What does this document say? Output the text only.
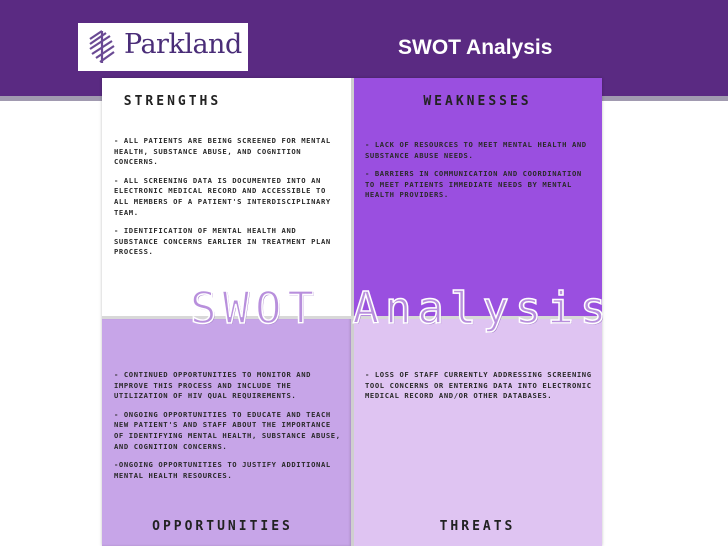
Parkland	SWOT Analysis
STRENGTHS
- ALL PATIENTS ARE BEING SCREENED FOR MENTAL HEALTH, SUBSTANCE ABUSE, AND COGNITION CONCERNS.
- ALL SCREENING DATA IS DOCUMENTED INTO AN ELECTRONIC MEDICAL RECORD AND ACCESSIBLE TO ALL MEMBERS OF A PATIENT'S INTERDISCIPLINARY TEAM.
- IDENTIFICATION OF MENTAL HEALTH AND SUBSTANCE CONCERNS EARLIER IN TREATMENT PLAN PROCESS.
WEAKNESSES
- LACK OF RESOURCES TO MEET MENTAL HEALTH AND SUBSTANCE ABUSE NEEDS.
- BARRIERS IN COMMUNICATION AND COORDINATION TO MEET PATIENTS IMMEDIATE NEEDS BY MENTAL HEALTH PROVIDERS.
- CONTINUED OPPORTUNITIES TO MONITOR AND IMPROVE THIS PROCESS AND INCLUDE THE UTILIZATION OF HIV QUAL REQUIREMENTS.
- ONGOING OPPORTUNITIES TO EDUCATE AND TEACH NEW PATIENT'S AND STAFF ABOUT THE IMPORTANCE OF IDENTIFYING MENTAL HEALTH, SUBSTANCE ABUSE, AND COGNITION CONCERNS.
-ONGOING OPPORTUNITIES TO JUSTIFY ADDITIONAL MENTAL HEALTH RESOURCES.
OPPORTUNITIES
- LOSS OF STAFF CURRENTLY ADDRESSING SCREENING TOOL CONCERNS OR ENTERING DATA INTO ELECTRONIC MEDICAL RECORD AND/OR OTHER DATABASES.
THREATS
SWOT Analysis
